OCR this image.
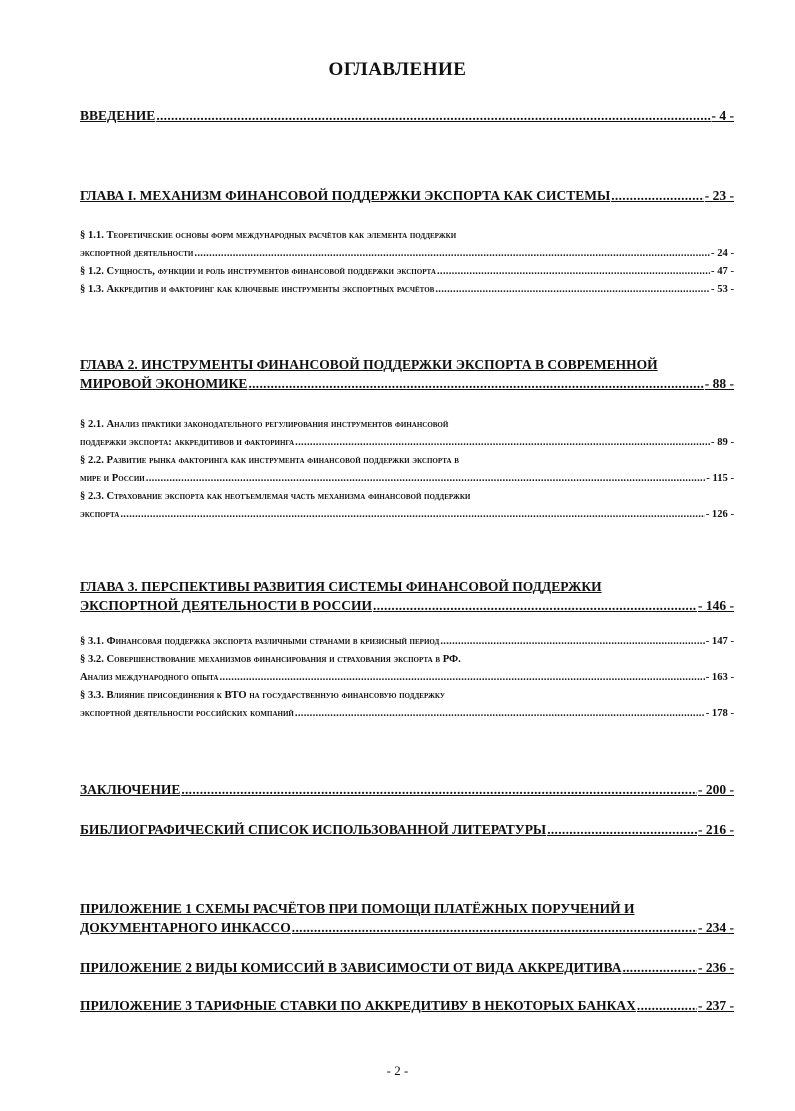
ОГЛАВЛЕНИЕ
ВВЕДЕНИЕ .....	- 4 -
ГЛАВА I. МЕХАНИЗМ ФИНАНСОВОЙ ПОДДЕРЖКИ ЭКСПОРТА КАК СИСТЕМЫ .....	- 23 -
§ 1.1. Теоретические основы форм международных расчётов как элемента поддержки
экспортной деятельности .....	- 24 -
§ 1.2. Сущность, функции и роль инструментов финансовой поддержки экспорта .....	- 47 -
§ 1.3. Аккредитив и факторинг как ключевые инструменты экспортных расчётов .....	- 53 -
ГЛАВА 2. ИНСТРУМЕНТЫ ФИНАНСОВОЙ ПОДДЕРЖКИ ЭКСПОРТА В СОВРЕМЕННОЙ
МИРОВОЙ ЭКОНОМИКЕ .....	- 88 -
§ 2.1. Анализ практики законодательного регулирования инструментов финансовой
поддержки экспорта: аккредитивов и факторинга .....	- 89 -
§ 2.2. Развитие рынка факторинга как инструмента финансовой поддержки экспорта в
мире и России .....	- 115 -
§ 2.3. Страхование экспорта как неотъемлемая часть механизма финансовой поддержки
экспорта .....	- 126 -
ГЛАВА 3. ПЕРСПЕКТИВЫ РАЗВИТИЯ СИСТЕМЫ ФИНАНСОВОЙ ПОДДЕРЖКИ
ЭКСПОРТНОЙ ДЕЯТЕЛЬНОСТИ В РОССИИ .....	- 146 -
§ 3.1. Финансовая поддержка экспорта различными странами в кризисный период .....	- 147 -
§ 3.2. Совершенствование механизмов финансирования и страхования экспорта в РФ.
Анализ международного опыта .....	- 163 -
§ 3.3. Влияние присоединения к ВТО на государственную финансовую поддержку
экспортной деятельности российских компаний .....	- 178 -
ЗАКЛЮЧЕНИЕ .....	- 200 -
БИБЛИОГРАФИЧЕСКИЙ СПИСОК ИСПОЛЬЗОВАННОЙ ЛИТЕРАТУРЫ .....	- 216 -
ПРИЛОЖЕНИЕ 1 СХЕМЫ РАСЧЁТОВ ПРИ ПОМОЩИ ПЛАТЁЖНЫХ ПОРУЧЕНИЙ И
ДОКУМЕНТАРНОГО ИНКАССО .....	- 234 -
ПРИЛОЖЕНИЕ 2 ВИДЫ КОМИССИЙ В ЗАВИСИМОСТИ ОТ ВИДА АККРЕДИТИВА .....	- 236 -
ПРИЛОЖЕНИЕ 3 ТАРИФНЫЕ СТАВКИ ПО АККРЕДИТИВУ В НЕКОТОРЫХ БАНКАХ .....	- 237 -
- 2 -
